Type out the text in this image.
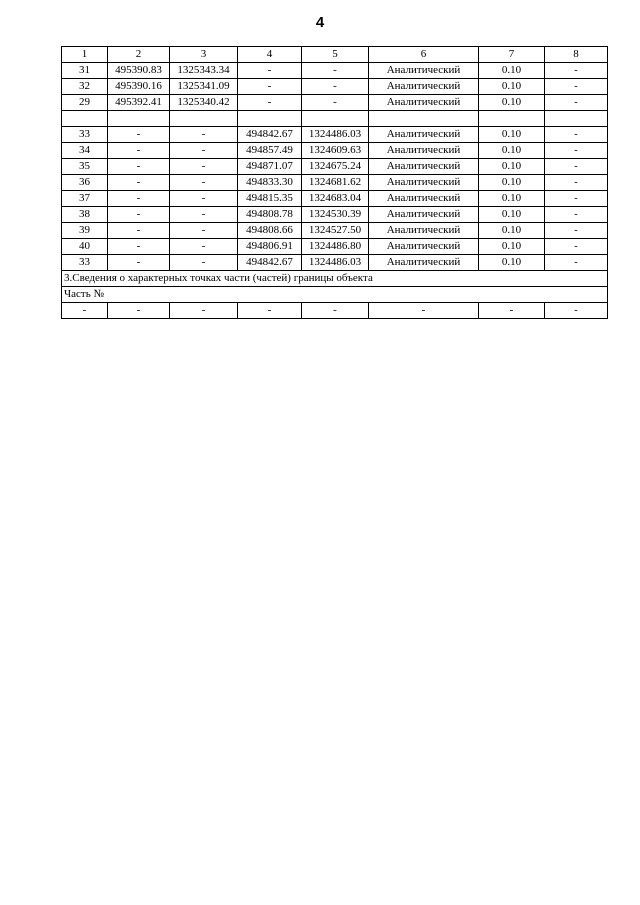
4
1	2	3	4	5	6	7	8
31	495390.83	1325343.34	-	-	Аналитический	0.10	-
32	495390.16	1325341.09	-	-	Аналитический	0.10	-
29	495392.41	1325340.42	-	-	Аналитический	0.10	-

33	-	-	494842.67	1324486.03	Аналитический	0.10	-
34	-	-	494857.49	1324609.63	Аналитический	0.10	-
35	-	-	494871.07	1324675.24	Аналитический	0.10	-
36	-	-	494833.30	1324681.62	Аналитический	0.10	-
37	-	-	494815.35	1324683.04	Аналитический	0.10	-
38	-	-	494808.78	1324530.39	Аналитический	0.10	-
39	-	-	494808.66	1324527.50	Аналитический	0.10	-
40	-	-	494806.91	1324486.80	Аналитический	0.10	-
33	-	-	494842.67	1324486.03	Аналитический	0.10	-
3.Сведения о характерных точках части (частей) границы объекта							
Часть №							
-	-	-	-	-	-	-	-
